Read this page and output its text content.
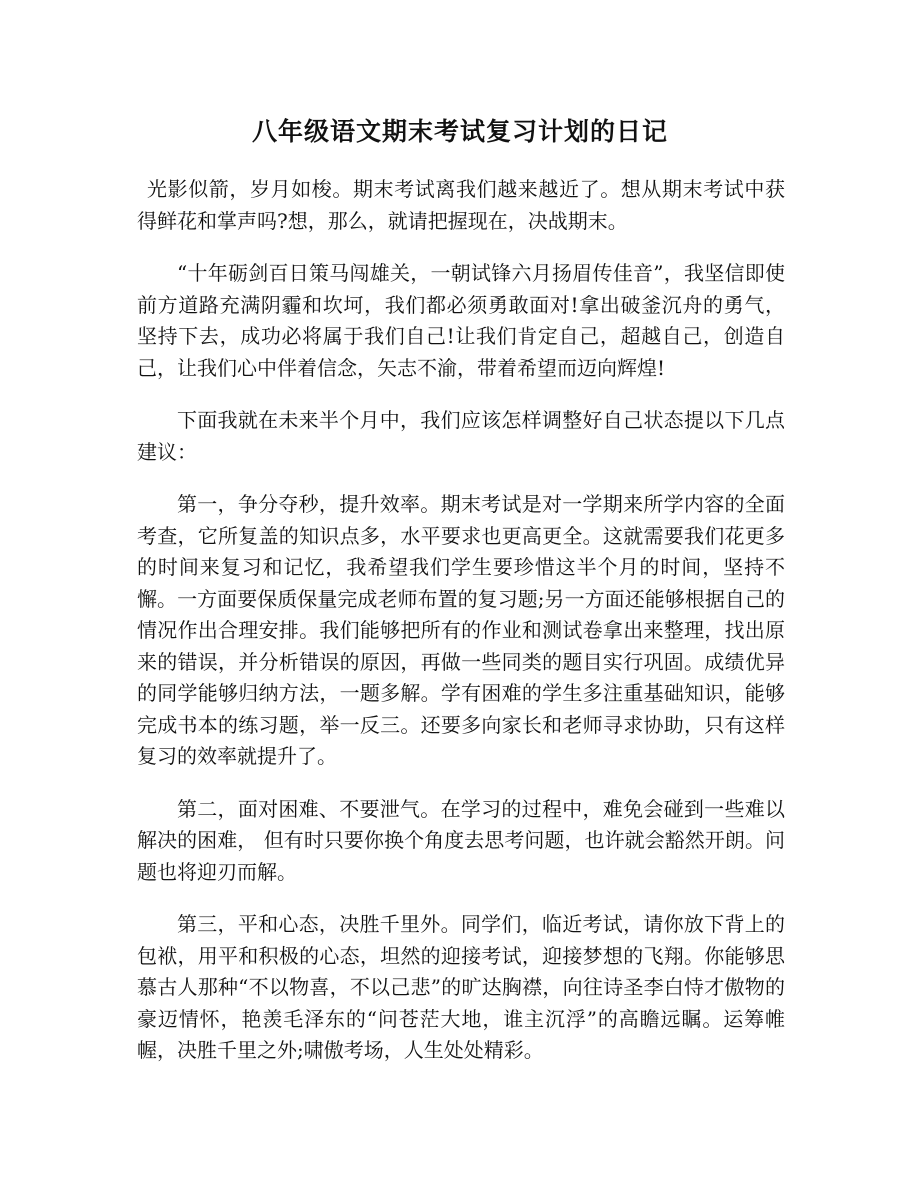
八年级语文期末考试复习计划的日记

光影似箭，岁月如梭。期末考试离我们越来越近了。想从期末考试中获得鲜花和掌声吗?想，那么，就请把握现在，决战期末。

“十年砺剑百日策马闯雄关，一朝试锋六月扬眉传佳音”，我坚信即使前方道路充满阴霾和坎坷，我们都必须勇敢面对!拿出破釜沉舟的勇气，坚持下去，成功必将属于我们自己!让我们肯定自己，超越自己，创造自己，让我们心中伴着信念，矢志不渝，带着希望而迈向辉煌!

下面我就在未来半个月中，我们应该怎样调整好自己状态提以下几点建议：

第一，争分夺秒，提升效率。期末考试是对一学期来所学内容的全面考查，它所复盖的知识点多，水平要求也更高更全。这就需要我们花更多的时间来复习和记忆，我希望我们学生要珍惜这半个月的时间，坚持不懈。一方面要保质保量完成老师布置的复习题;另一方面还能够根据自己的情况作出合理安排。我们能够把所有的作业和测试卷拿出来整理，找出原来的错误，并分析错误的原因，再做一些同类的题目实行巩固。成绩优异的同学能够归纳方法，一题多解。学有困难的学生多注重基础知识，能够完成书本的练习题，举一反三。还要多向家长和老师寻求协助，只有这样复习的效率就提升了。

第二，面对困难、不要泄气。在学习的过程中，难免会碰到一些难以解决的困难， 但有时只要你换个角度去思考问题，也许就会豁然开朗。问题也将迎刃而解。

第三，平和心态，决胜千里外。同学们，临近考试，请你放下背上的包袱，用平和积极的心态，坦然的迎接考试，迎接梦想的飞翔。你能够思慕古人那种“不以物喜，不以己悲”的旷达胸襟，向往诗圣李白恃才傲物的豪迈情怀，艳羡毛泽东的“问苍茫大地，谁主沉浮”的高瞻远瞩。运筹帷幄，决胜千里之外;啸傲考场，人生处处精彩。
